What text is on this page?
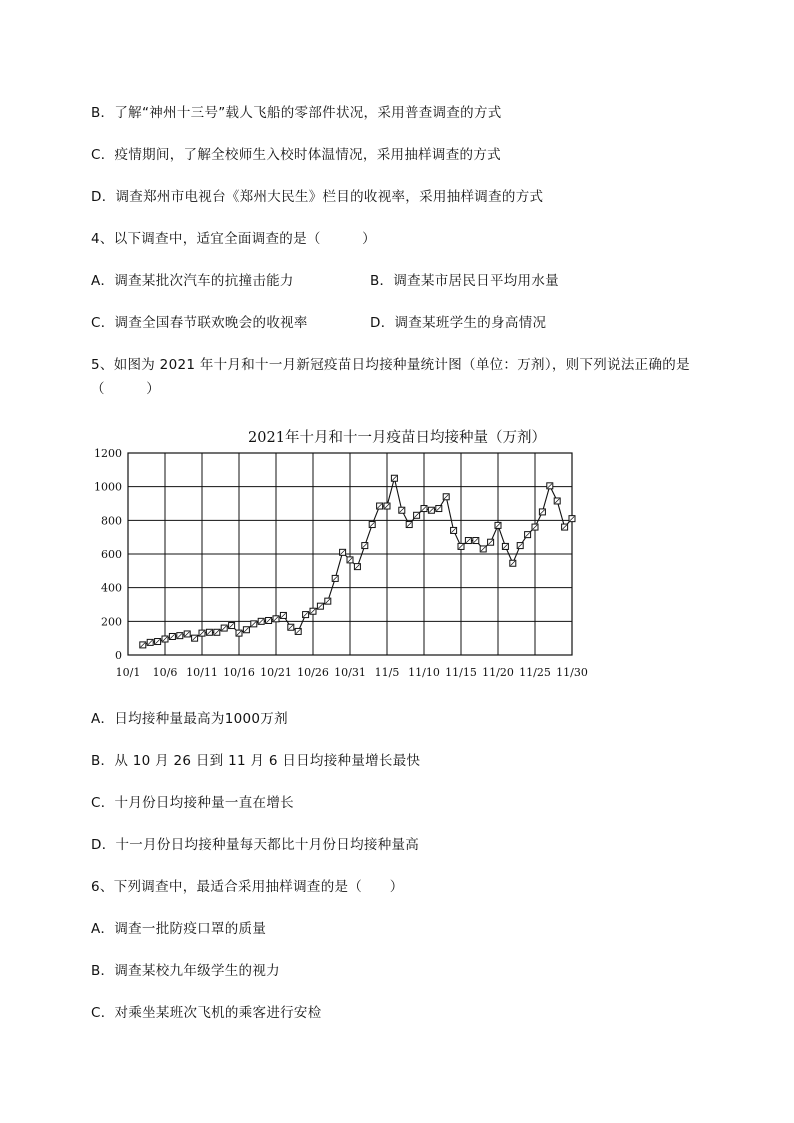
B．了解“神州十三号”载人飞船的零部件状况，采用普查调查的方式
C．疫情期间，了解全校师生入校时体温情况，采用抽样调查的方式
D．调查郑州市电视台《郑州大民生》栏目的收视率，采用抽样调查的方式
4、以下调查中，适宜全面调查的是（　　　）
A．调查某批次汽车的抗撞击能力	B．调查某市居民日平均用水量
C．调查全国春节联欢晚会的收视率	D．调查某班学生的身高情况
5、如图为 2021 年十月和十一月新冠疫苗日均接种量统计图（单位：万剂），则下列说法正确的是
（　　　）
2021年十月和十一月疫苗日均接种量（万剂）
0
200
400
600
800
1000
1200
10/1 10/6 10/11 10/16 10/21 10/26 10/31 11/5 11/10 11/15 11/20 11/25 11/30
A．日均接种量最高为1000万剂
B．从 10 月 26 日到 11 月 6 日日均接种量增长最快
C．十月份日均接种量一直在增长
D．十一月份日均接种量每天都比十月份日均接种量高
6、下列调查中，最适合采用抽样调查的是（　　）
A．调查一批防疫口罩的质量
B．调查某校九年级学生的视力
C．对乘坐某班次飞机的乘客进行安检
